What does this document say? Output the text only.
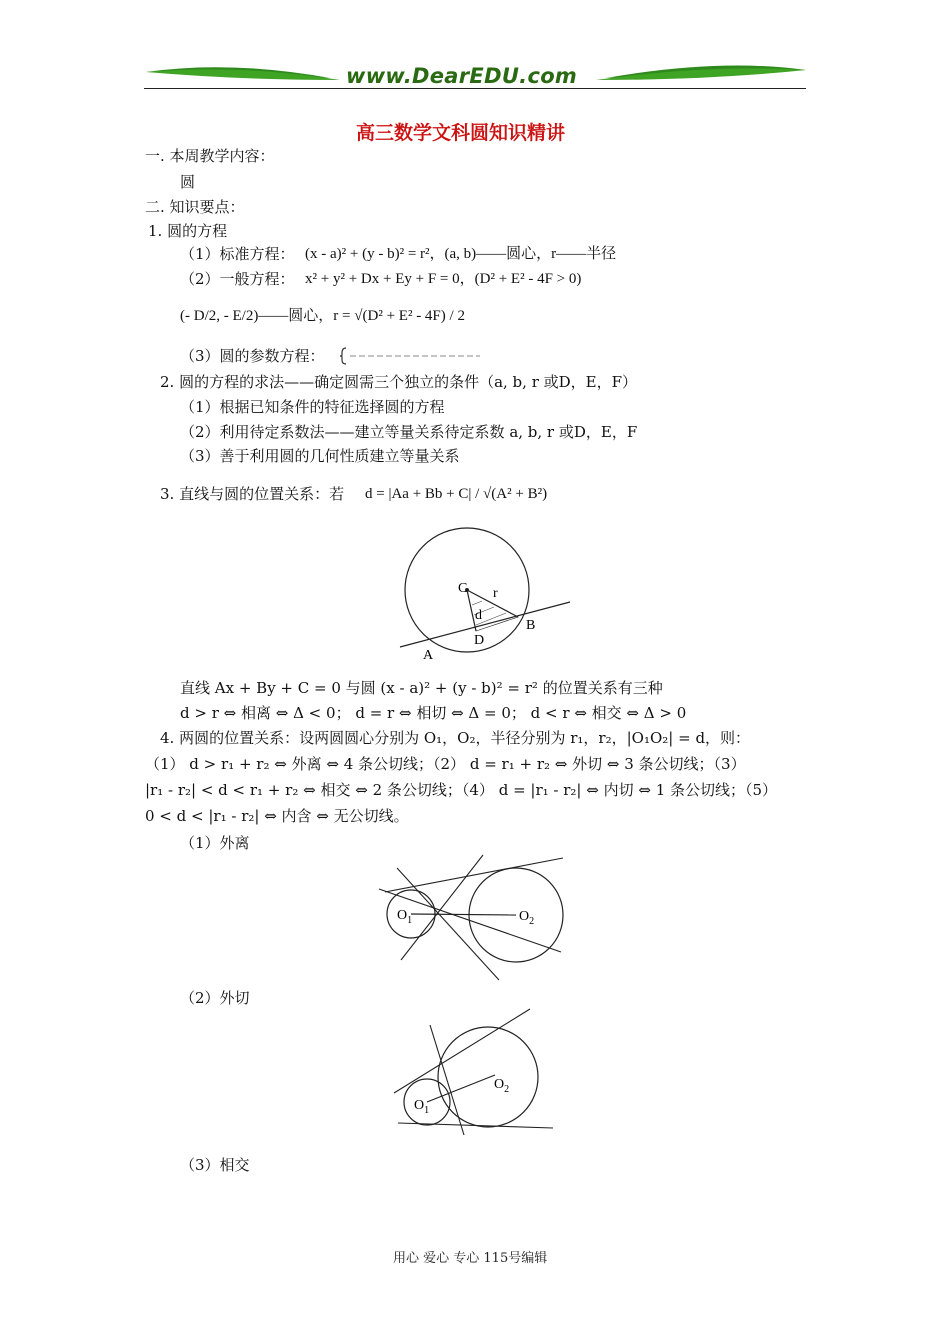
www.DearEDU.com
高三数学文科圆知识精讲
一. 本周教学内容：
圆
二. 知识要点：
1. 圆的方程
（1）标准方程： (x - a)² + (y - b)² = r²，(a, b)——圆心，r——半径
（2）一般方程： x² + y² + Dx + Ey + F = 0，(D² + E² - 4F > 0)
(- D/2, - E/2)——圆心，r = √(D² + E² - 4F) / 2
（3）圆的参数方程：
2. 圆的方程的求法——确定圆需三个独立的条件（a, b, r 或D，E，F）
（1）根据已知条件的特征选择圆的方程
（2）利用待定系数法——建立等量关系待定系数 a, b, r 或D，E，F
（3）善于利用圆的几何性质建立等量关系
3. 直线与圆的位置关系：若 d = |Aa + Bb + C| / √(A² + B²)
C r
d
D
B
A
直线 Ax + By + C = 0 与圆 (x - a)² + (y - b)² = r² 的位置关系有三种
d > r ⇔ 相离 ⇔ Δ < 0； d = r ⇔ 相切 ⇔ Δ = 0； d < r ⇔ 相交 ⇔ Δ > 0
4. 两圆的位置关系：设两圆圆心分别为 O₁，O₂，半径分别为 r₁，r₂，|O₁O₂| = d，则：
（1） d > r₁ + r₂ ⇔ 外离 ⇔ 4 条公切线；（2） d = r₁ + r₂ ⇔ 外切 ⇔ 3 条公切线；（3）
|r₁ - r₂| < d < r₁ + r₂ ⇔ 相交 ⇔ 2 条公切线；（4） d = |r₁ - r₂| ⇔ 内切 ⇔ 1 条公切线；（5）
0 < d < |r₁ - r₂| ⇔ 内含 ⇔ 无公切线。
（1）外离
$O_1$	$O_2$
（2）外切
$O_1$
$O_2$
（3）相交
用心 爱心 专心 115号编辑
